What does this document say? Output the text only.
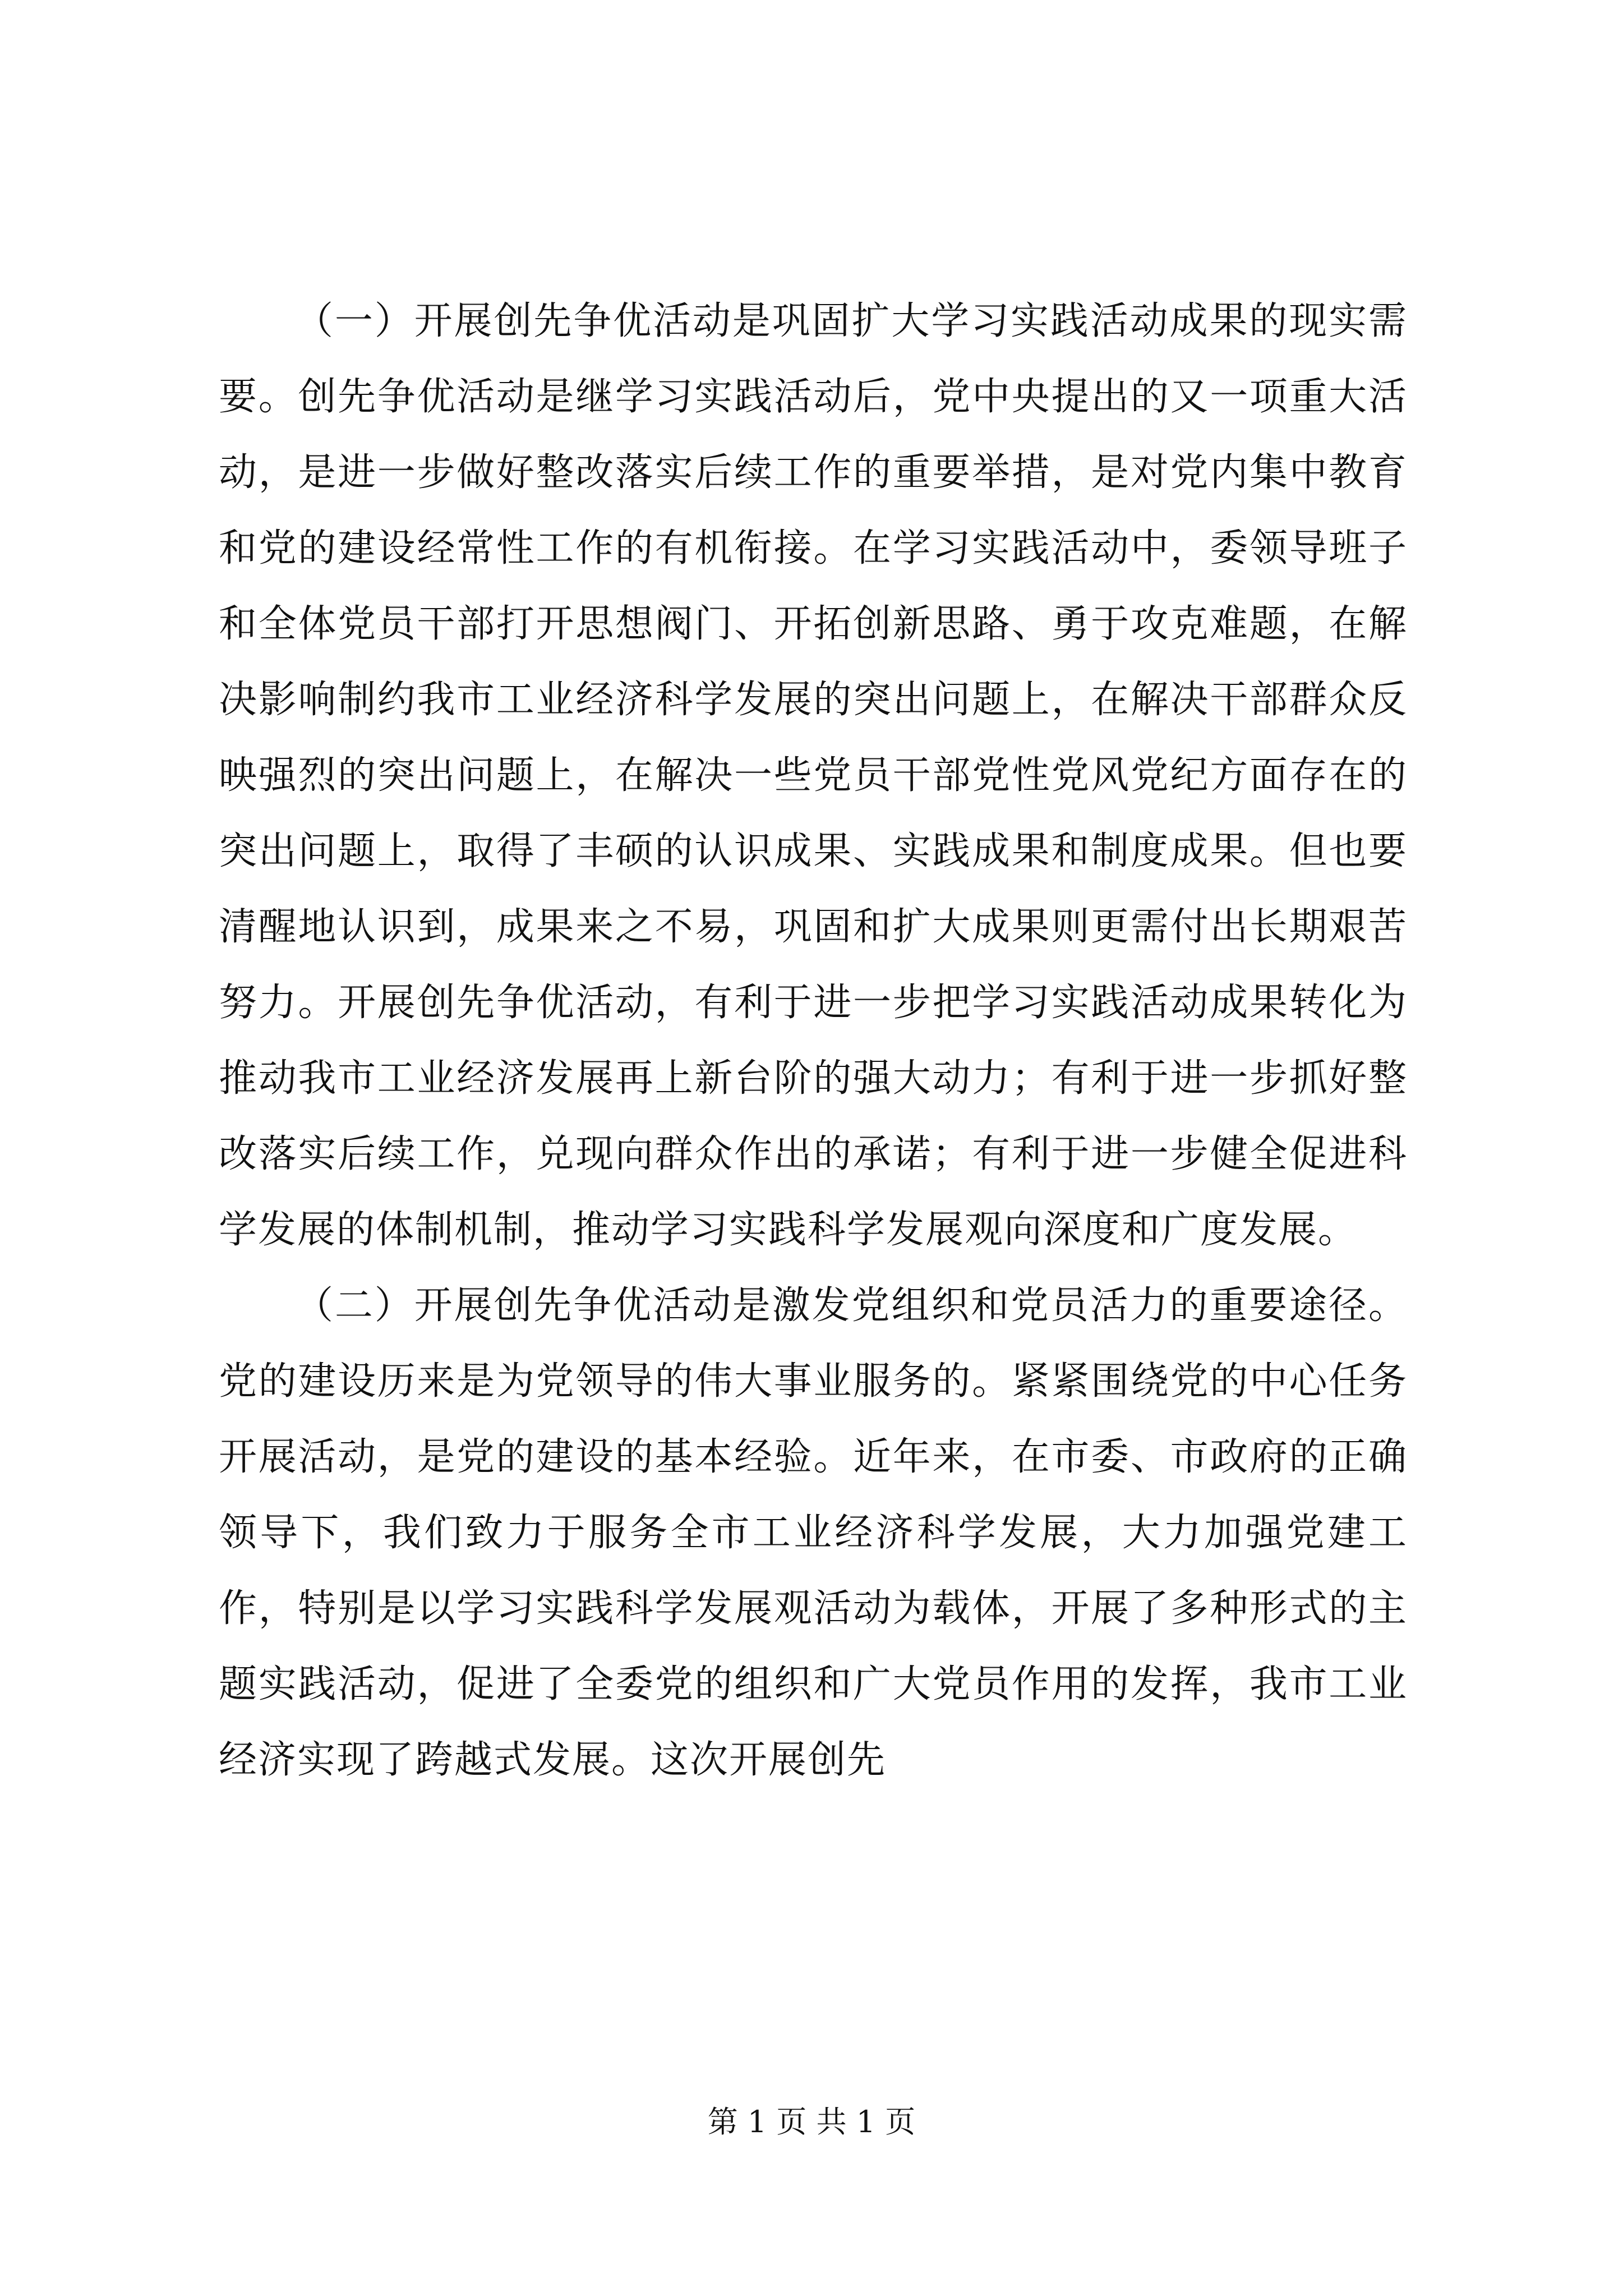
（一）开展创先争优活动是巩固扩大学习实践活动成果的现实需要。创先争优活动是继学习实践活动后，党中央提出的又一项重大活动，是进一步做好整改落实后续工作的重要举措，是对党内集中教育和党的建设经常性工作的有机衔接。在学习实践活动中，委领导班子和全体党员干部打开思想阀门、开拓创新思路、勇于攻克难题，在解决影响制约我市工业经济科学发展的突出问题上，在解决干部群众反映强烈的突出问题上，在解决一些党员干部党性党风党纪方面存在的突出问题上，取得了丰硕的认识成果、实践成果和制度成果。但也要清醒地认识到，成果来之不易，巩固和扩大成果则更需付出长期艰苦努力。开展创先争优活动，有利于进一步把学习实践活动成果转化为推动我市工业经济发展再上新台阶的强大动力；有利于进一步抓好整改落实后续工作，兑现向群众作出的承诺；有利于进一步健全促进科学发展的体制机制，推动学习实践科学发展观向深度和广度发展。

（二）开展创先争优活动是激发党组织和党员活力的重要途径。党的建设历来是为党领导的伟大事业服务的。紧紧围绕党的中心任务开展活动，是党的建设的基本经验。近年来，在市委、市政府的正确领导下，我们致力于服务全市工业经济科学发展，大力加强党建工作，特别是以学习实践科学发展观活动为载体，开展了多种形式的主题实践活动，促进了全委党的组织和广大党员作用的发挥，我市工业经济实现了跨越式发展。这次开展创先

第 1 页 共 1 页
